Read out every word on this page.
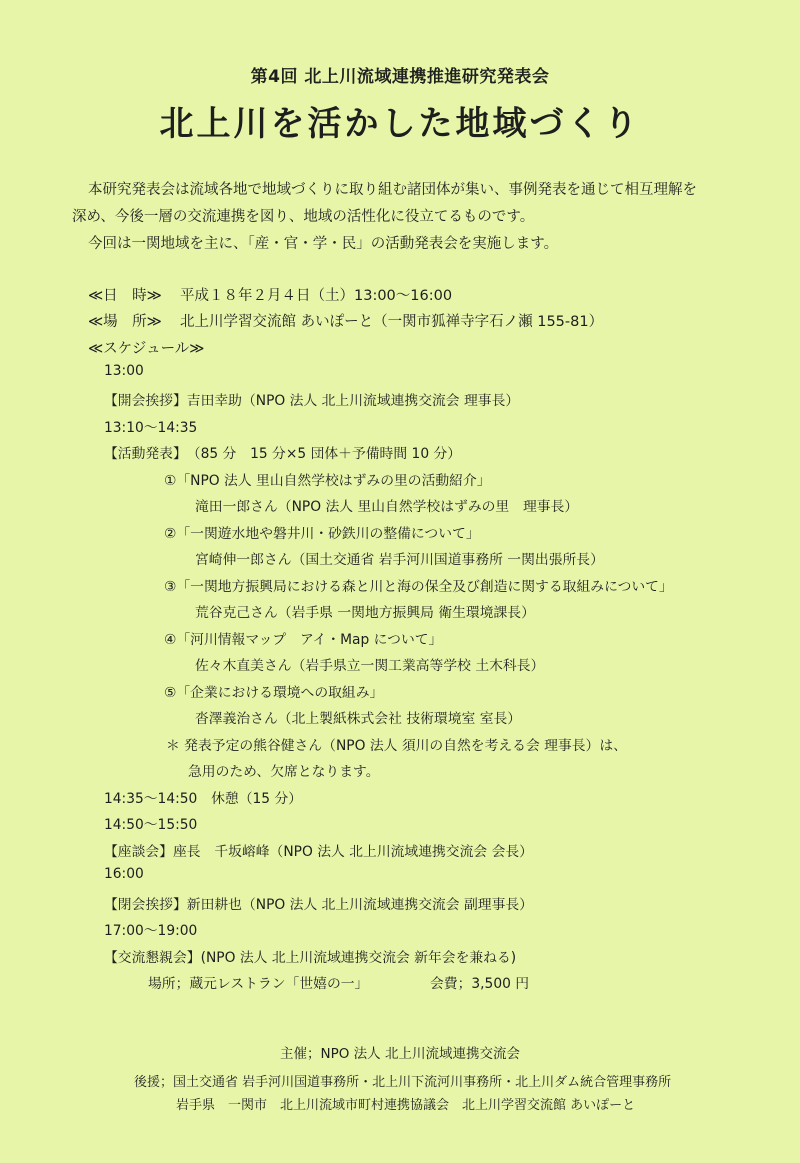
第4回 北上川流域連携推進研究発表会
北上川を活かした地域づくり
本研究発表会は流域各地で地域づくりに取り組む諸団体が集い、事例発表を通じて相互理解を
深め、今後一層の交流連携を図り、地域の活性化に役立てるものです。
今回は一関地域を主に、「産・官・学・民」の活動発表会を実施します。
≪日　時≫ 平成１８年２月４日（土）13:00～16:00
≪場　所≫ 北上川学習交流館 あいぽーと（一関市狐禅寺字石ノ瀬 155-81）
≪スケジュール≫
13:00
【開会挨拶】吉田幸助（NPO 法人 北上川流域連携交流会 理事長）
13:10～14:35
【活動発表】　（85 分　15 分×5 団体＋予備時間 10 分）
①「NPO 法人 里山自然学校はずみの里の活動紹介」
滝田一郎さん（NPO 法人 里山自然学校はずみの里　理事長）
②「一関遊水地や磐井川・砂鉄川の整備について」
宮崎伸一郎さん（国土交通省 岩手河川国道事務所 一関出張所長）
③「一関地方振興局における森と川と海の保全及び創造に関する取組みについて」
荒谷克己さん（岩手県 一関地方振興局 衛生環境課長）
④「河川情報マップ　アイ・Map について」
佐々木直美さん（岩手県立一関工業高等学校 土木科長）
⑤「企業における環境への取組み」
沓澤義治さん（北上製紙株式会社 技術環境室 室長）
＊ 発表予定の熊谷健さん（NPO 法人 須川の自然を考える会 理事長）は、
急用のため、欠席となります。
14:35～14:50　休憩（15 分）
14:50～15:50
【座談会】座長　千坂嵱峰（NPO 法人 北上川流域連携交流会 会長）
16:00
【閉会挨拶】新田耕也（NPO 法人 北上川流域連携交流会 副理事長）
17:00～19:00
【交流懇親会】(NPO 法人 北上川流域連携交流会 新年会を兼ねる)
場所；蔵元レストラン「世嬉の一」	会費；3,500 円
主催；NPO 法人 北上川流域連携交流会
後援；国土交通省 岩手河川国道事務所・北上川下流河川事務所・北上川ダム統合管理事務所
岩手県　一関市　北上川流域市町村連携協議会　北上川学習交流館 あいぽーと
